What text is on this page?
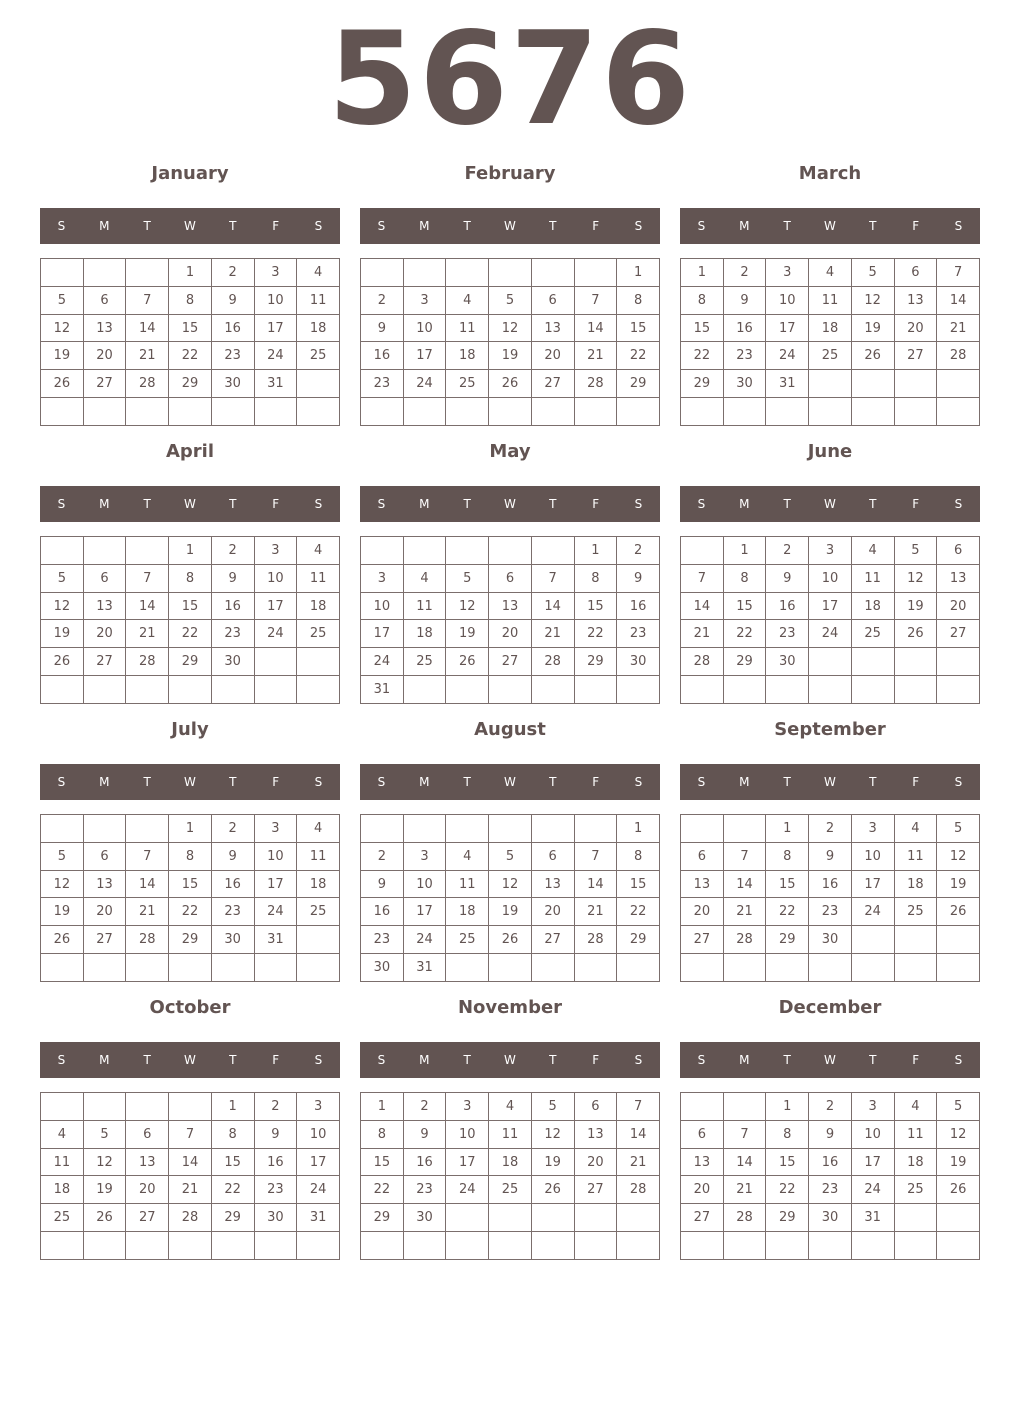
5676
January
S	M	T	W	T	F	S
			1	2	3	4
5	6	7	8	9	10	11
12	13	14	15	16	17	18
19	20	21	22	23	24	25
26	27	28	29	30	31	

February
S	M	T	W	T	F	S
						1
2	3	4	5	6	7	8
9	10	11	12	13	14	15
16	17	18	19	20	21	22
23	24	25	26	27	28	29

March
S	M	T	W	T	F	S
1	2	3	4	5	6	7
8	9	10	11	12	13	14
15	16	17	18	19	20	21
22	23	24	25	26	27	28
29	30	31				

April
S	M	T	W	T	F	S
			1	2	3	4
5	6	7	8	9	10	11
12	13	14	15	16	17	18
19	20	21	22	23	24	25
26	27	28	29	30		

May
S	M	T	W	T	F	S
					1	2
3	4	5	6	7	8	9
10	11	12	13	14	15	16
17	18	19	20	21	22	23
24	25	26	27	28	29	30
31						
June
S	M	T	W	T	F	S
	1	2	3	4	5	6
7	8	9	10	11	12	13
14	15	16	17	18	19	20
21	22	23	24	25	26	27
28	29	30				

July
S	M	T	W	T	F	S
			1	2	3	4
5	6	7	8	9	10	11
12	13	14	15	16	17	18
19	20	21	22	23	24	25
26	27	28	29	30	31	

August
S	M	T	W	T	F	S
						1
2	3	4	5	6	7	8
9	10	11	12	13	14	15
16	17	18	19	20	21	22
23	24	25	26	27	28	29
30	31					
September
S	M	T	W	T	F	S
		1	2	3	4	5
6	7	8	9	10	11	12
13	14	15	16	17	18	19
20	21	22	23	24	25	26
27	28	29	30			

October
S	M	T	W	T	F	S
				1	2	3
4	5	6	7	8	9	10
11	12	13	14	15	16	17
18	19	20	21	22	23	24
25	26	27	28	29	30	31

November
S	M	T	W	T	F	S
1	2	3	4	5	6	7
8	9	10	11	12	13	14
15	16	17	18	19	20	21
22	23	24	25	26	27	28
29	30					

December
S	M	T	W	T	F	S
		1	2	3	4	5
6	7	8	9	10	11	12
13	14	15	16	17	18	19
20	21	22	23	24	25	26
27	28	29	30	31		
